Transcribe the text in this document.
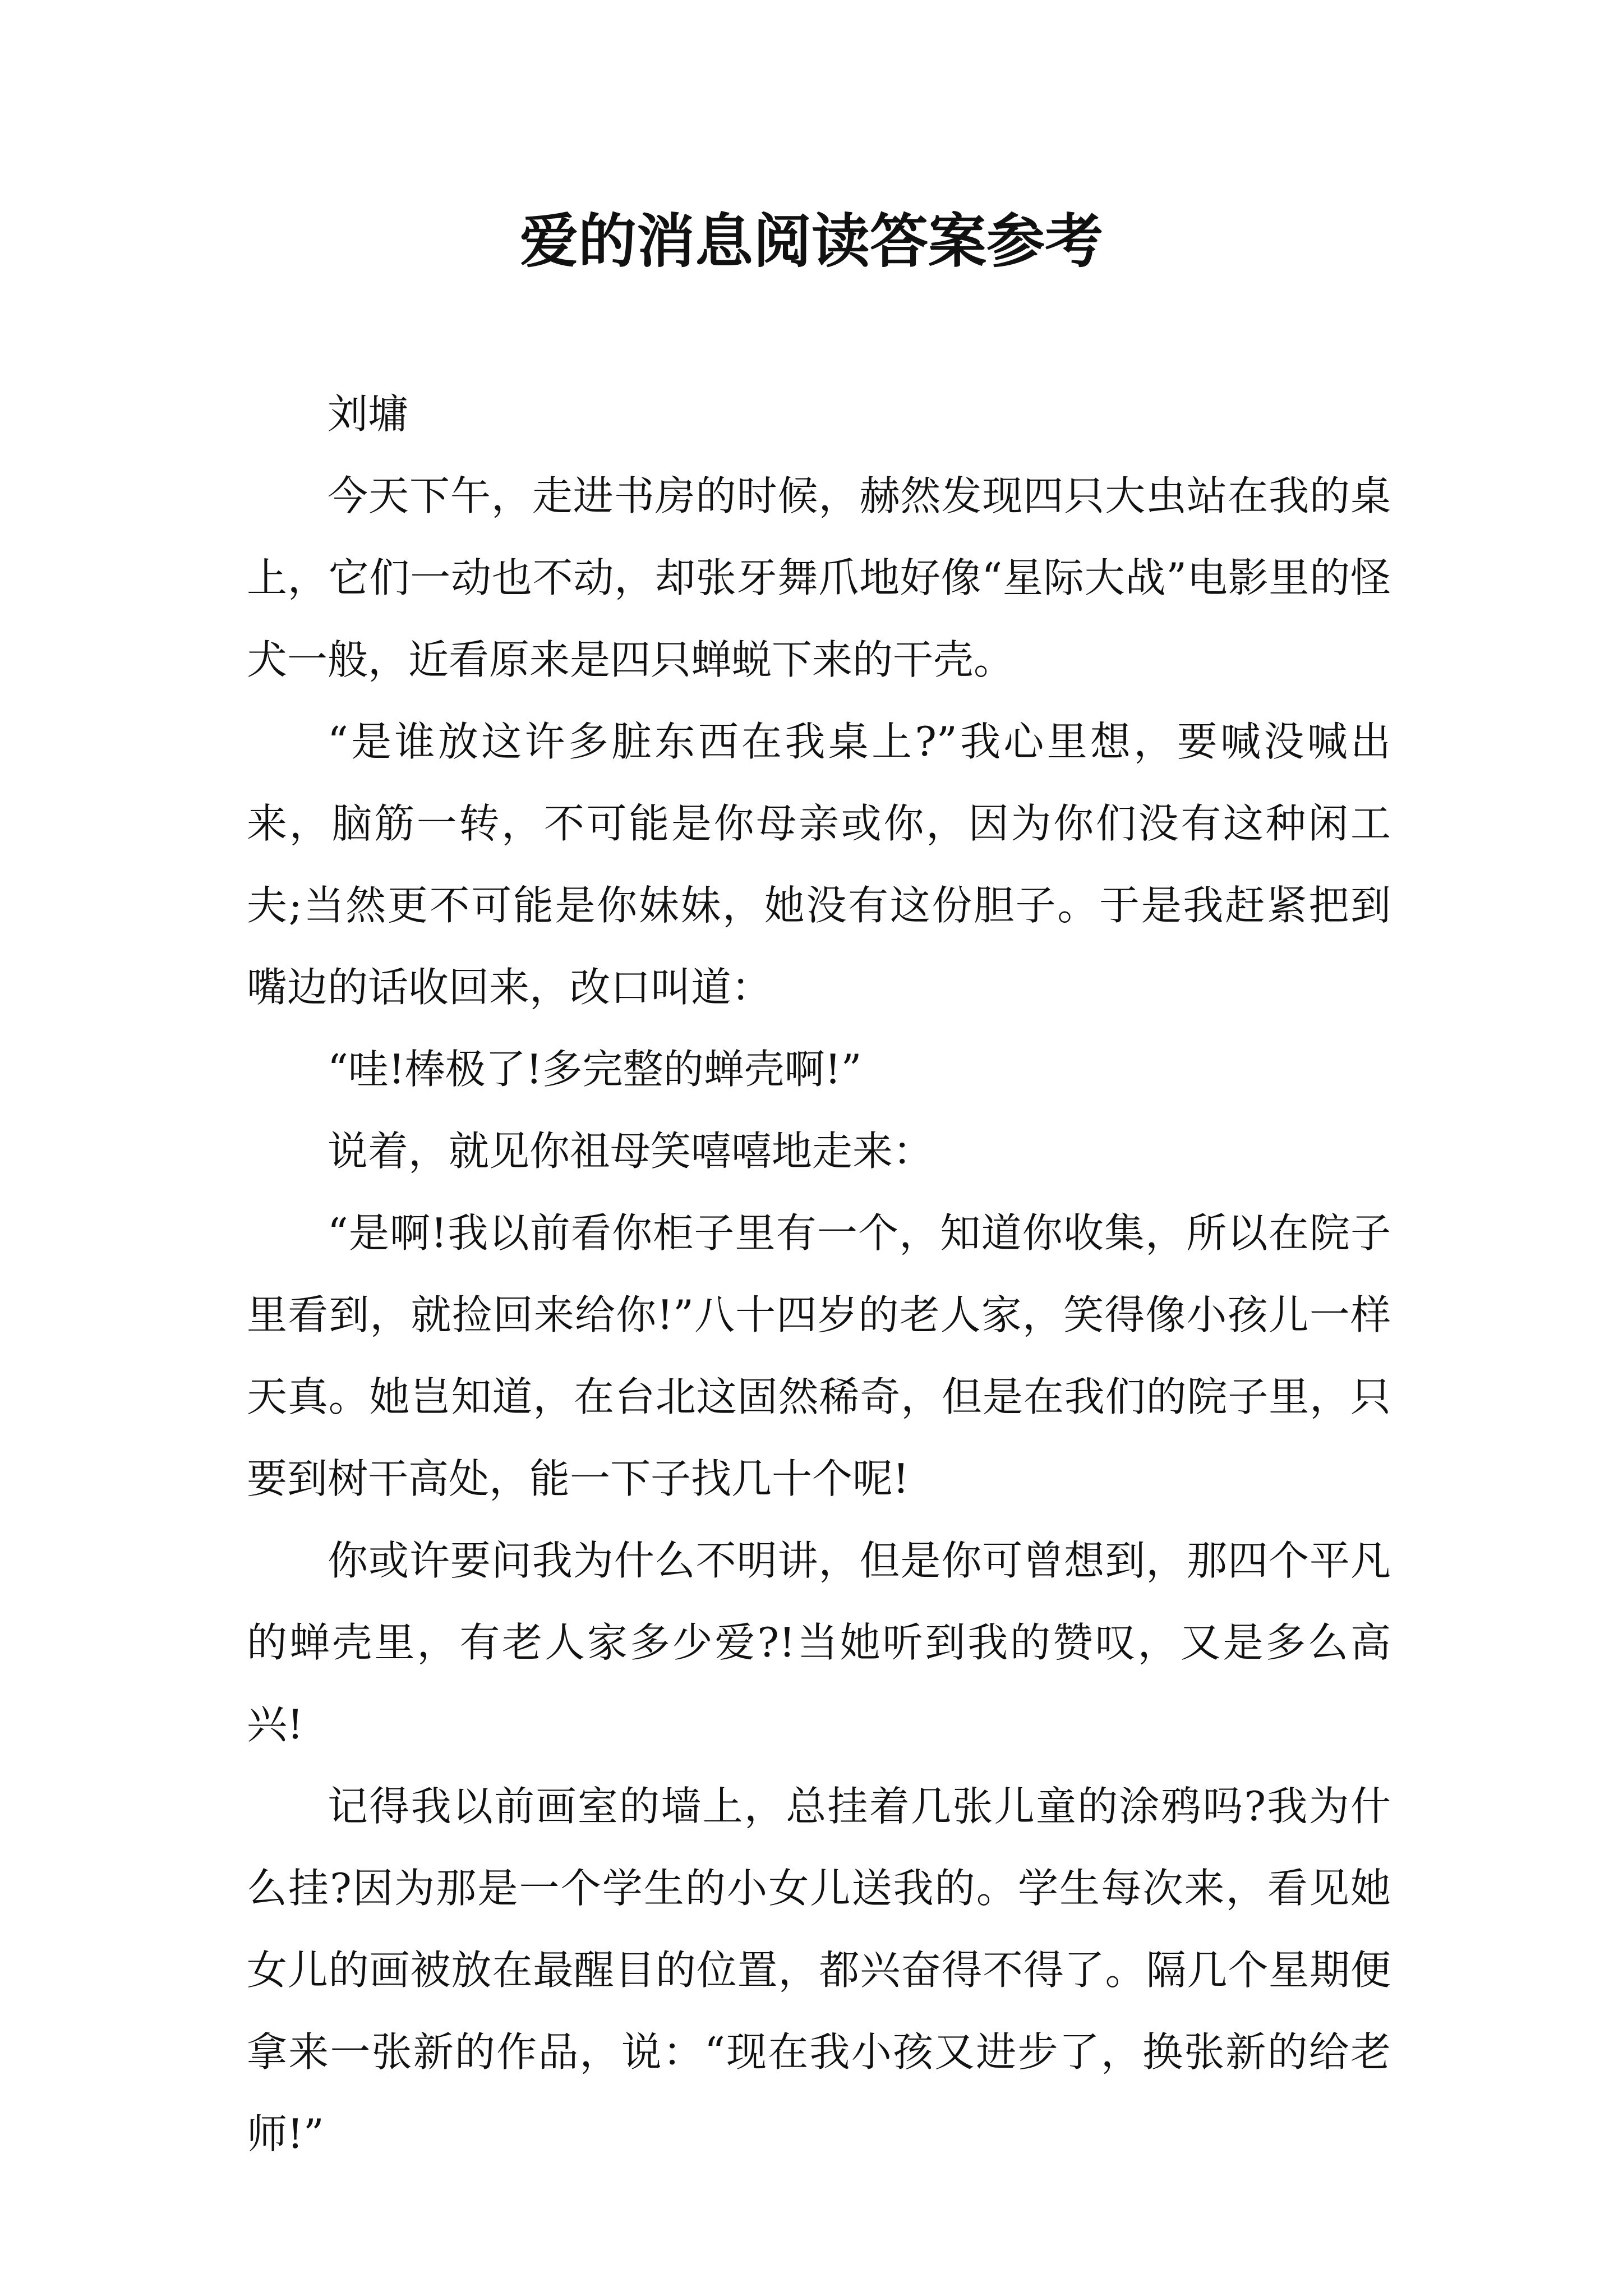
爱的消息阅读答案参考

刘墉

今天下午，走进书房的时候，赫然发现四只大虫站在我的桌上，它们一动也不动，却张牙舞爪地好像“星际大战”电影里的怪犬一般，近看原来是四只蝉蜕下来的干壳。

“是谁放这许多脏东西在我桌上?”我心里想，要喊没喊出来，脑筋一转，不可能是你母亲或你，因为你们没有这种闲工夫;当然更不可能是你妹妹，她没有这份胆子。于是我赶紧把到嘴边的话收回来，改口叫道：

“哇!棒极了!多完整的蝉壳啊!”

说着，就见你祖母笑嘻嘻地走来：

“是啊!我以前看你柜子里有一个，知道你收集，所以在院子里看到，就捡回来给你!”八十四岁的老人家，笑得像小孩儿一样天真。她岂知道，在台北这固然稀奇，但是在我们的院子里，只要到树干高处，能一下子找几十个呢!

你或许要问我为什么不明讲，但是你可曾想到，那四个平凡的蝉壳里，有老人家多少爱?!当她听到我的赞叹，又是多么高兴!

记得我以前画室的墙上，总挂着几张儿童的涂鸦吗?我为什么挂?因为那是一个学生的小女儿送我的。学生每次来，看见她女儿的画被放在最醒目的位置，都兴奋得不得了。隔几个星期便拿来一张新的作品，说：“现在我小孩又进步了，换张新的给老师!”
